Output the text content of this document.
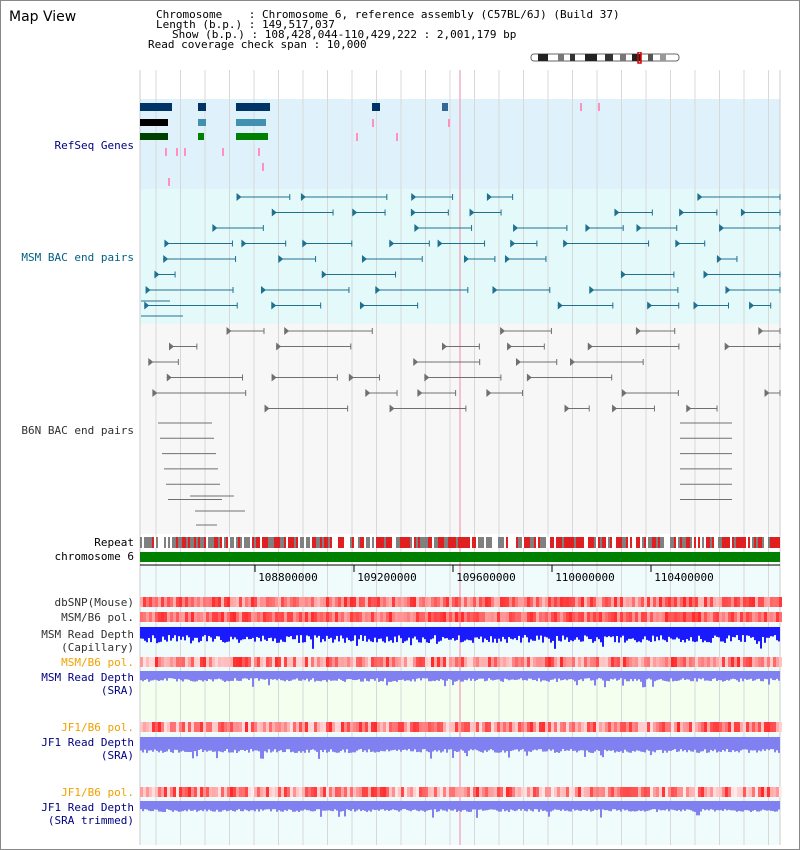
108800000	109200000	109600000	110000000	110400000
Map View	Chromosome    : Chromosome 6, reference assembly (C57BL/6J) (Build 37)
Length (b.p.) : 149,517,037
Show (b.p.) : 108,428,044-110,429,222 : 2,001,179 bp
Read coverage check span : 10,000
RefSeq Genes
MSM BAC end pairs
B6N BAC end pairs
Repeat
chromosome 6
dbSNP(Mouse)
MSM/B6 pol.
MSM Read Depth
(Capillary)
MSM/B6 pol.
MSM Read Depth
(SRA)
JF1/B6 pol.
JF1 Read Depth
(SRA)
JF1/B6 pol.
JF1 Read Depth
(SRA trimmed)
